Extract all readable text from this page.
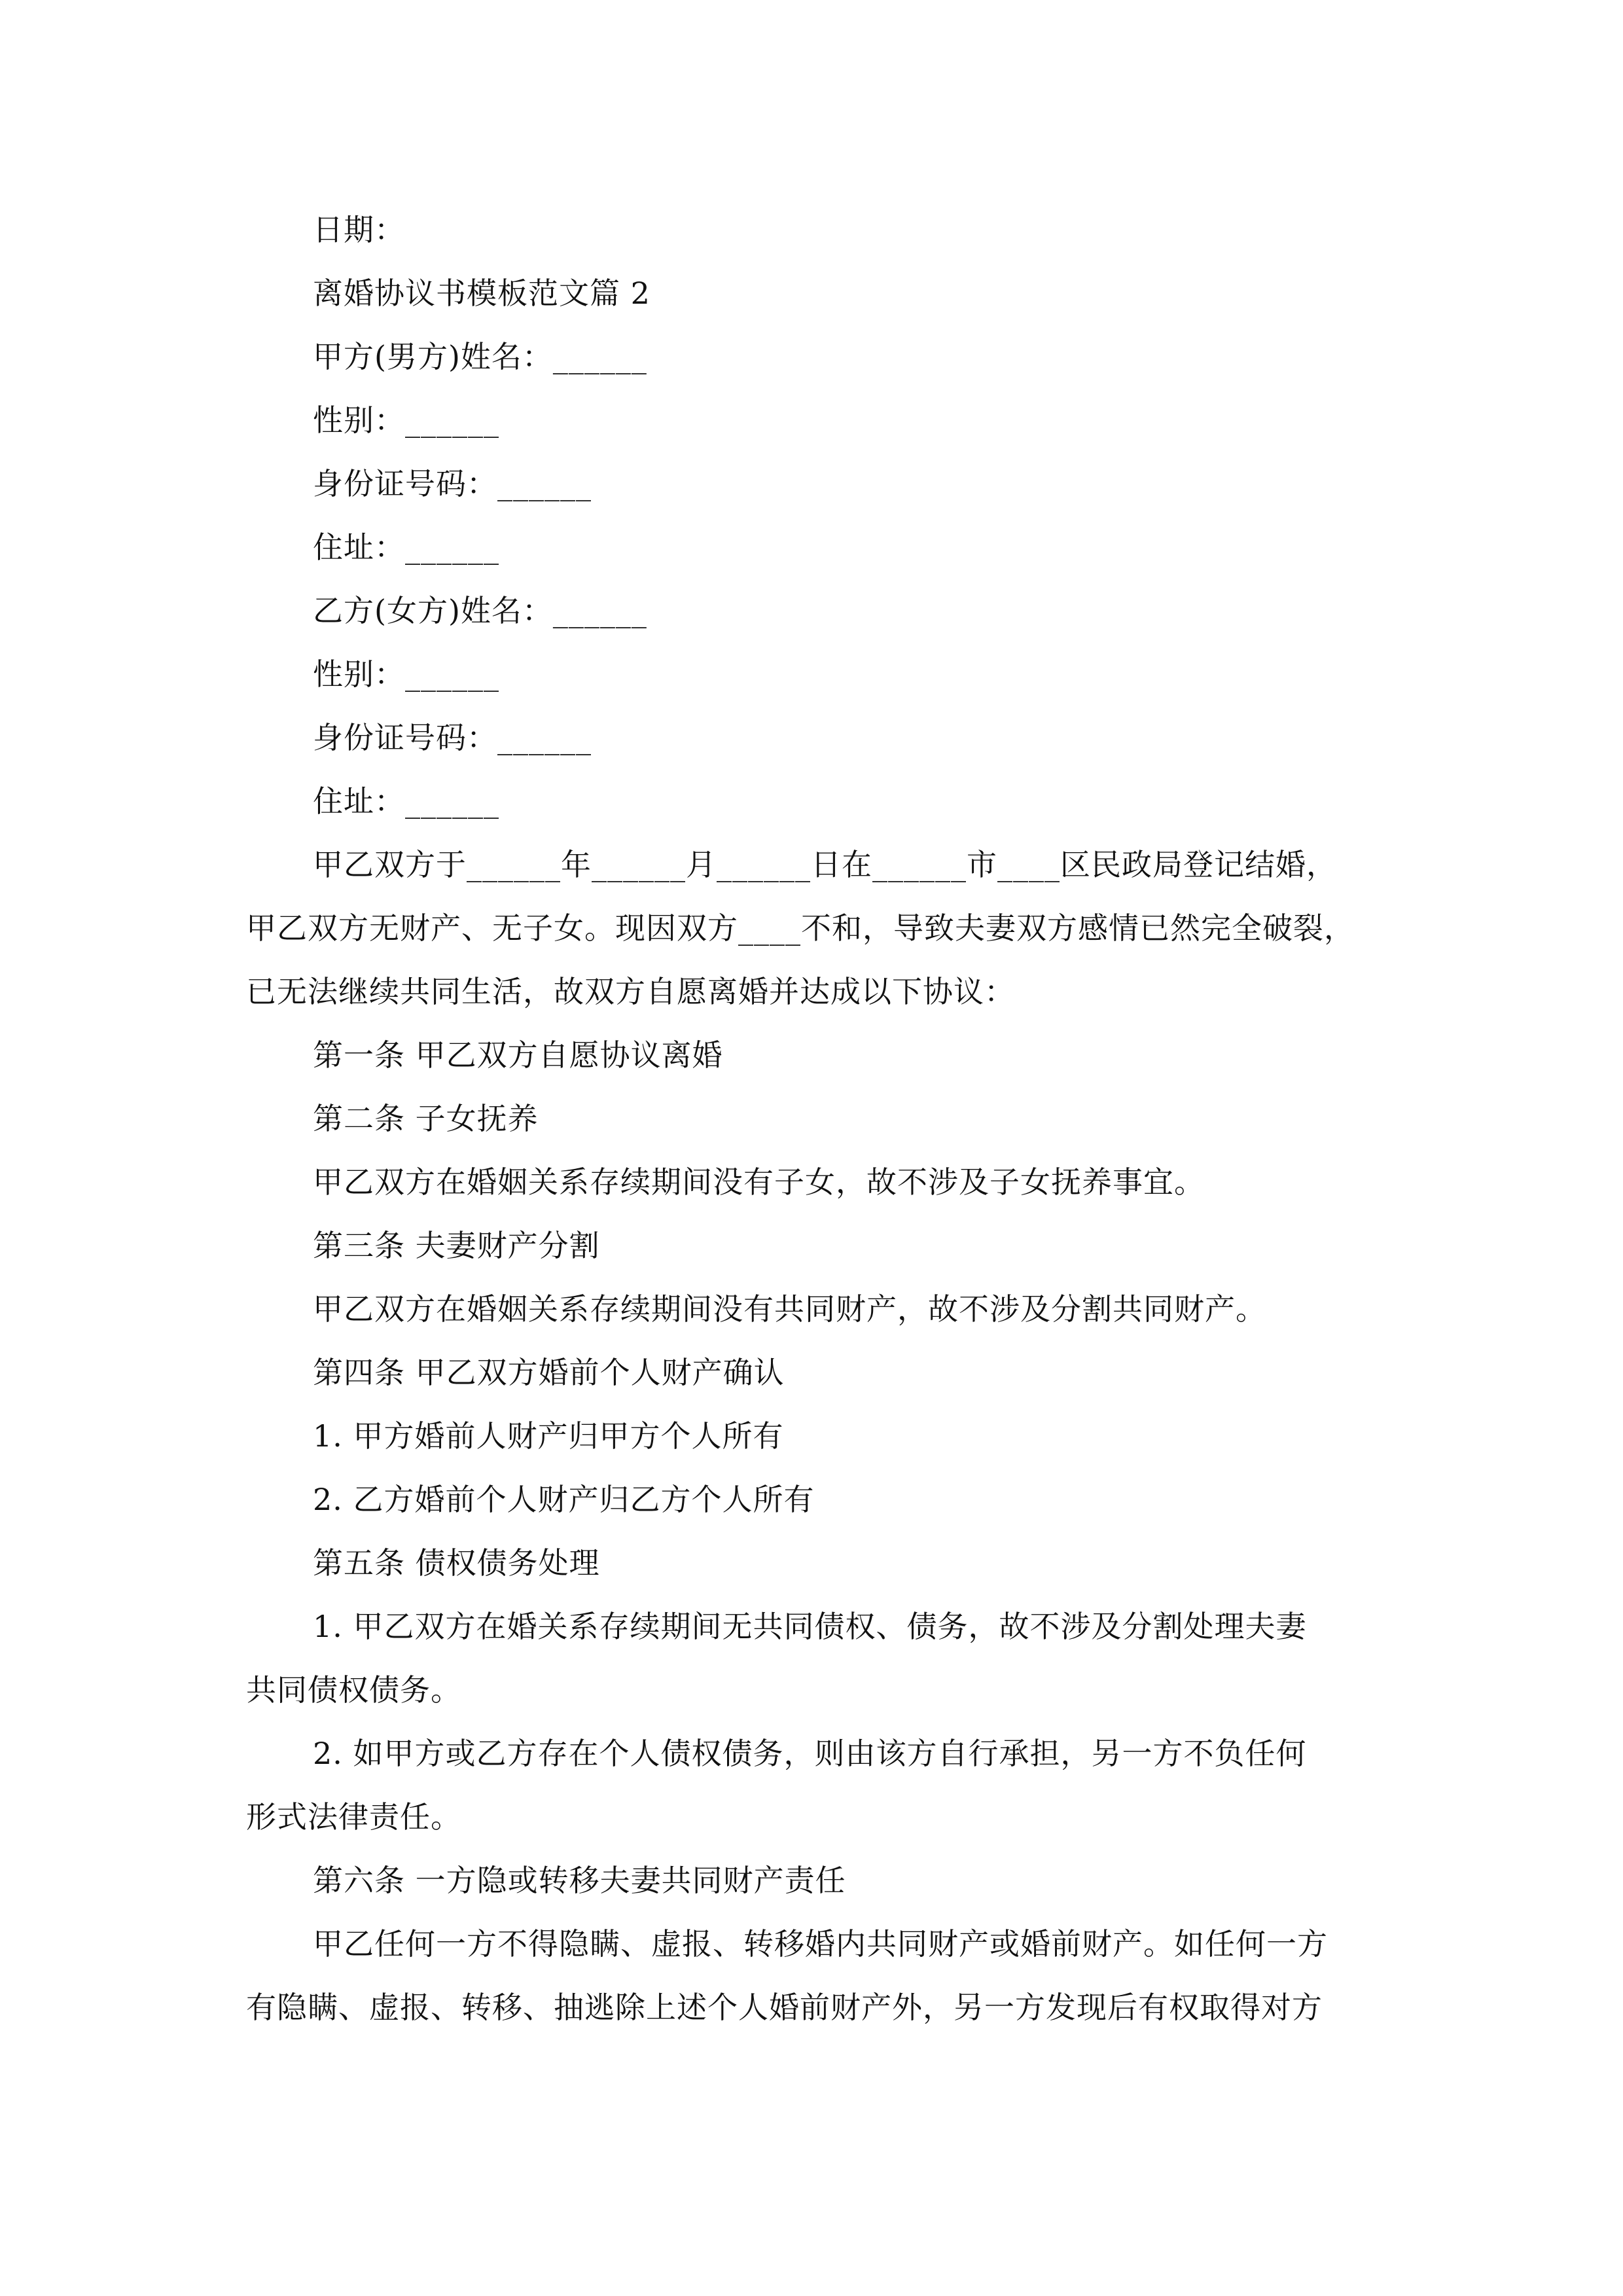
日期：
离婚协议书模板范文篇 2
甲方(男方)姓名：______
性别：______
身份证号码：______
住址：______
乙方(女方)姓名：______
性别：______
身份证号码：______
住址：______
甲乙双方于______年______月______日在______市____区民政局登记结婚，
甲乙双方无财产、无子女。现因双方____不和，导致夫妻双方感情已然完全破裂，
已无法继续共同生活，故双方自愿离婚并达成以下协议：
第一条 甲乙双方自愿协议离婚
第二条 子女抚养
甲乙双方在婚姻关系存续期间没有子女，故不涉及子女抚养事宜。
第三条 夫妻财产分割
甲乙双方在婚姻关系存续期间没有共同财产，故不涉及分割共同财产。
第四条 甲乙双方婚前个人财产确认
1. 甲方婚前人财产归甲方个人所有
2. 乙方婚前个人财产归乙方个人所有
第五条 债权债务处理
1. 甲乙双方在婚关系存续期间无共同债权、债务，故不涉及分割处理夫妻
共同债权债务。
2. 如甲方或乙方存在个人债权债务，则由该方自行承担，另一方不负任何
形式法律责任。
第六条 一方隐或转移夫妻共同财产责任
甲乙任何一方不得隐瞒、虚报、转移婚内共同财产或婚前财产。如任何一方
有隐瞒、虚报、转移、抽逃除上述个人婚前财产外，另一方发现后有权取得对方
